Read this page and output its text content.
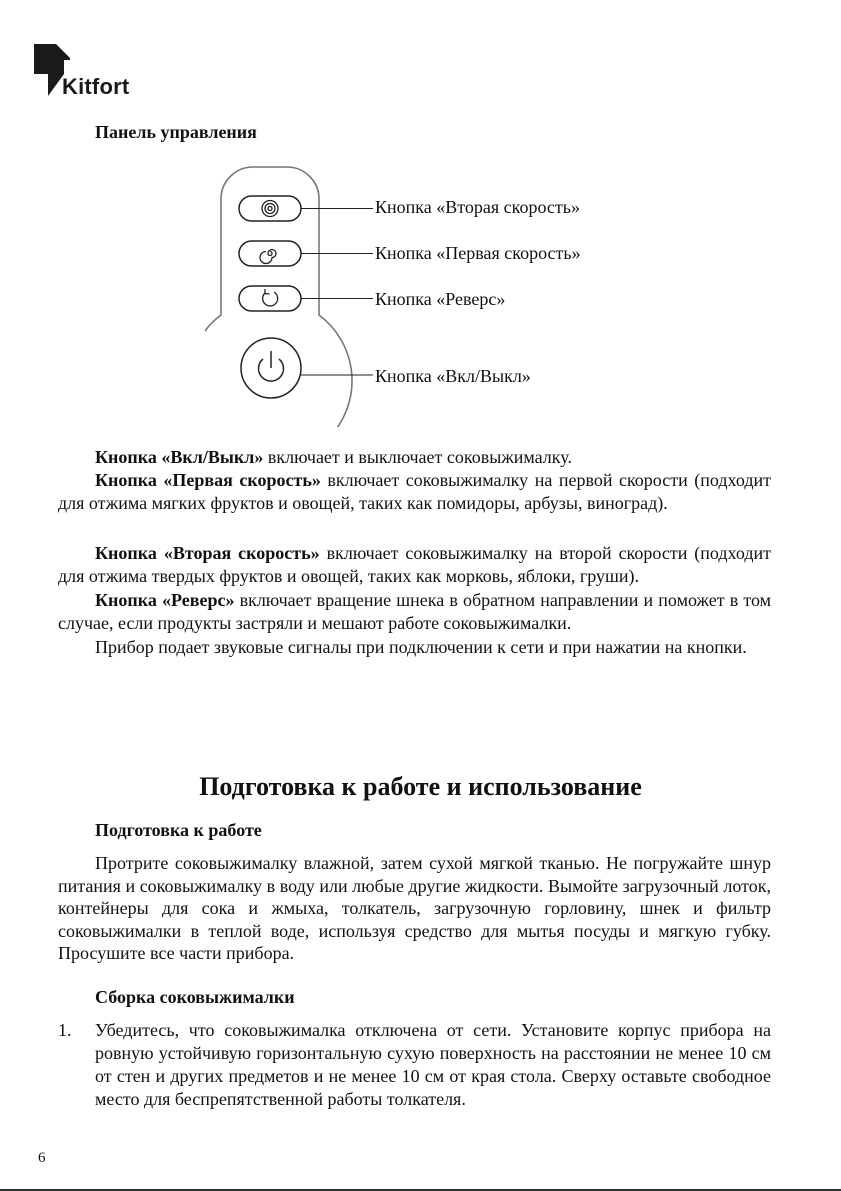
Kitfort
Панель управления
Кнопка «Вторая скорость»
Кнопка «Первая скорость»
Кнопка «Реверс»
Кнопка «Вкл/Выкл»
Кнопка «Вкл/Выкл» включает и выключает соковыжималку.
Кнопка «Первая скорость» включает соковыжималку на первой скорости (подходит для отжима мягких фруктов и овощей, таких как помидоры, арбузы, виноград).
Кнопка «Вторая скорость» включает соковыжималку на второй скорости (подходит для отжима твердых фруктов и овощей, таких как морковь, яблоки, груши).
Кнопка «Реверс» включает вращение шнека в обратном направлении и поможет в том случае, если продукты застряли и мешают работе соковыжималки.
Прибор подает звуковые сигналы при подключении к сети и при нажатии на кнопки.
Подготовка к работе и использование
Подготовка к работе
Протрите соковыжималку влажной, затем сухой мягкой тканью. Не погружайте шнур питания и соковыжималку в воду или любые другие жидкости. Вымойте загрузочный лоток, контейнеры для сока и жмыха, толкатель, загрузочную горловину, шнек и фильтр соковыжималки в теплой воде, используя средство для мытья посуды и мягкую губку. Просушите все части прибора.
Сборка соковыжималки
1. Убедитесь, что соковыжималка отключена от сети. Установите корпус прибора на ровную устойчивую горизонтальную сухую поверхность на расстоянии не менее 10 см от стен и других предметов и не менее 10 см от края стола. Сверху оставьте свободное место для беспрепятственной работы толкателя.
6
